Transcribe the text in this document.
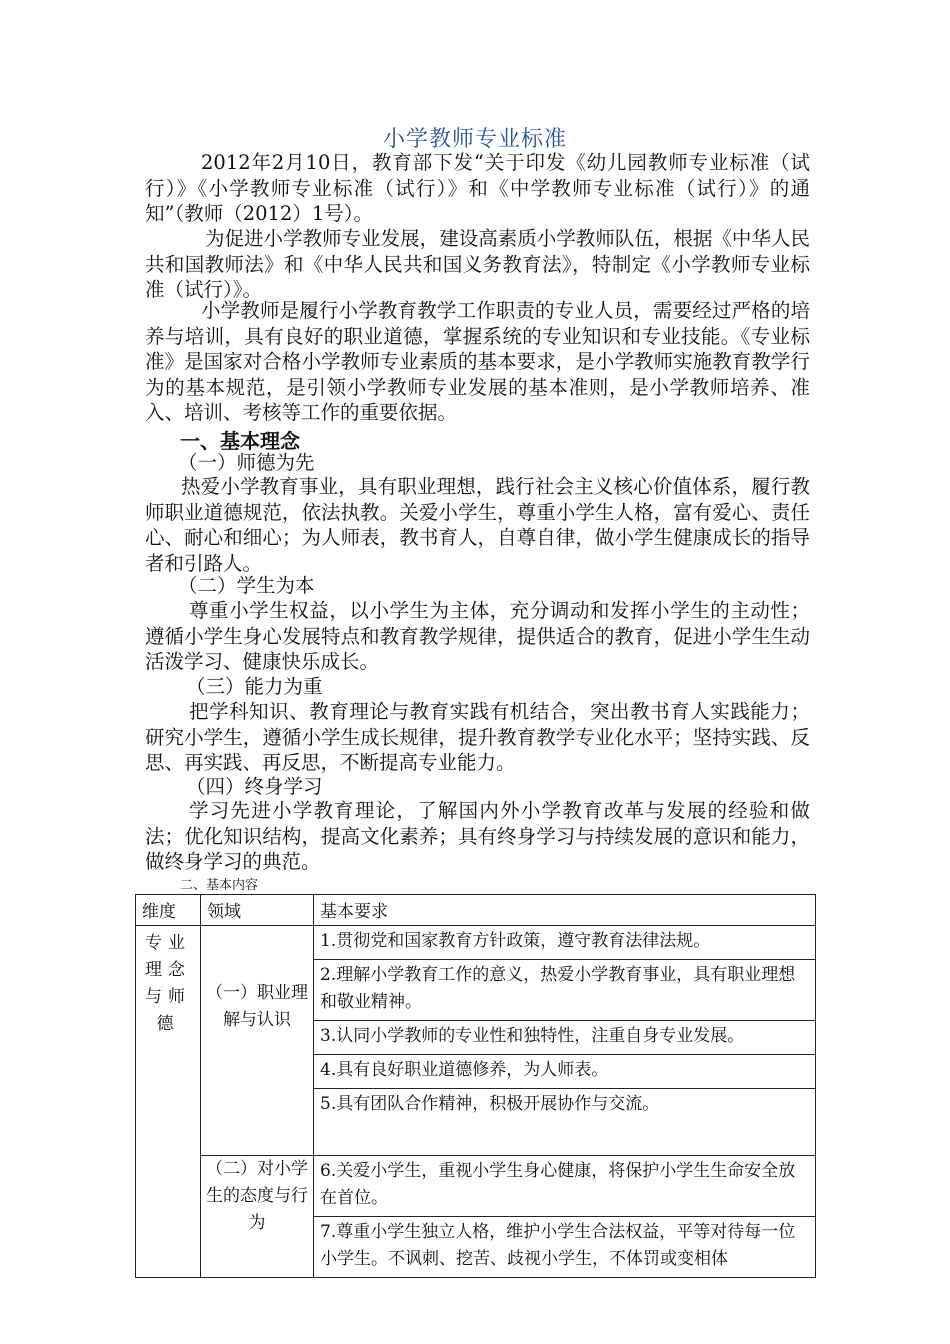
小学教师专业标准
2012年2月10日，教育部下发“关于印发《幼儿园教师专业标准（试行）》《小学教师专业标准（试行）》和《中学教师专业标准（试行）》的通知”（教师（2012）1号）。
为促进小学教师专业发展，建设高素质小学教师队伍，根据《中华人民共和国教师法》和《中华人民共和国义务教育法》，特制定《小学教师专业标准（试行）》。
小学教师是履行小学教育教学工作职责的专业人员，需要经过严格的培养与培训，具有良好的职业道德，掌握系统的专业知识和专业技能。《专业标准》是国家对合格小学教师专业素质的基本要求，是小学教师实施教育教学行为的基本规范，是引领小学教师专业发展的基本准则，是小学教师培养、准入、培训、考核等工作的重要依据。
一、基本理念
（一）师德为先
热爱小学教育事业，具有职业理想，践行社会主义核心价值体系，履行教师职业道德规范，依法执教。关爱小学生，尊重小学生人格，富有爱心、责任心、耐心和细心；为人师表，教书育人，自尊自律，做小学生健康成长的指导者和引路人。
（二）学生为本
尊重小学生权益，以小学生为主体，充分调动和发挥小学生的主动性；遵循小学生身心发展特点和教育教学规律，提供适合的教育，促进小学生生动活泼学习、健康快乐成长。
（三）能力为重
把学科知识、教育理论与教育实践有机结合，突出教书育人实践能力；研究小学生，遵循小学生成长规律，提升教育教学专业化水平；坚持实践、反思、再实践、再反思，不断提高专业能力。
（四）终身学习
学习先进小学教育理论，了解国内外小学教育改革与发展的经验和做法；优化知识结构，提高文化素养；具有终身学习与持续发展的意识和能力，做终身学习的典范。
二、基本内容
维度	领域	基本要求
专业理念与师德	（一）职业理解与认识	1.贯彻党和国家教育方针政策，遵守教育法律法规。
		2.理解小学教育工作的意义，热爱小学教育事业，具有职业理想和敬业精神。
		3.认同小学教师的专业性和独特性，注重自身专业发展。
		4.具有良好职业道德修养，为人师表。
		5.具有团队合作精神，积极开展协作与交流。

	（二）对小学生的态度与行为	6.关爱小学生，重视小学生身心健康，将保护小学生生命安全放在首位。
		7.尊重小学生独立人格，维护小学生合法权益，平等对待每一位小学生。不讽刺、挖苦、歧视小学生，不体罚或变相体
